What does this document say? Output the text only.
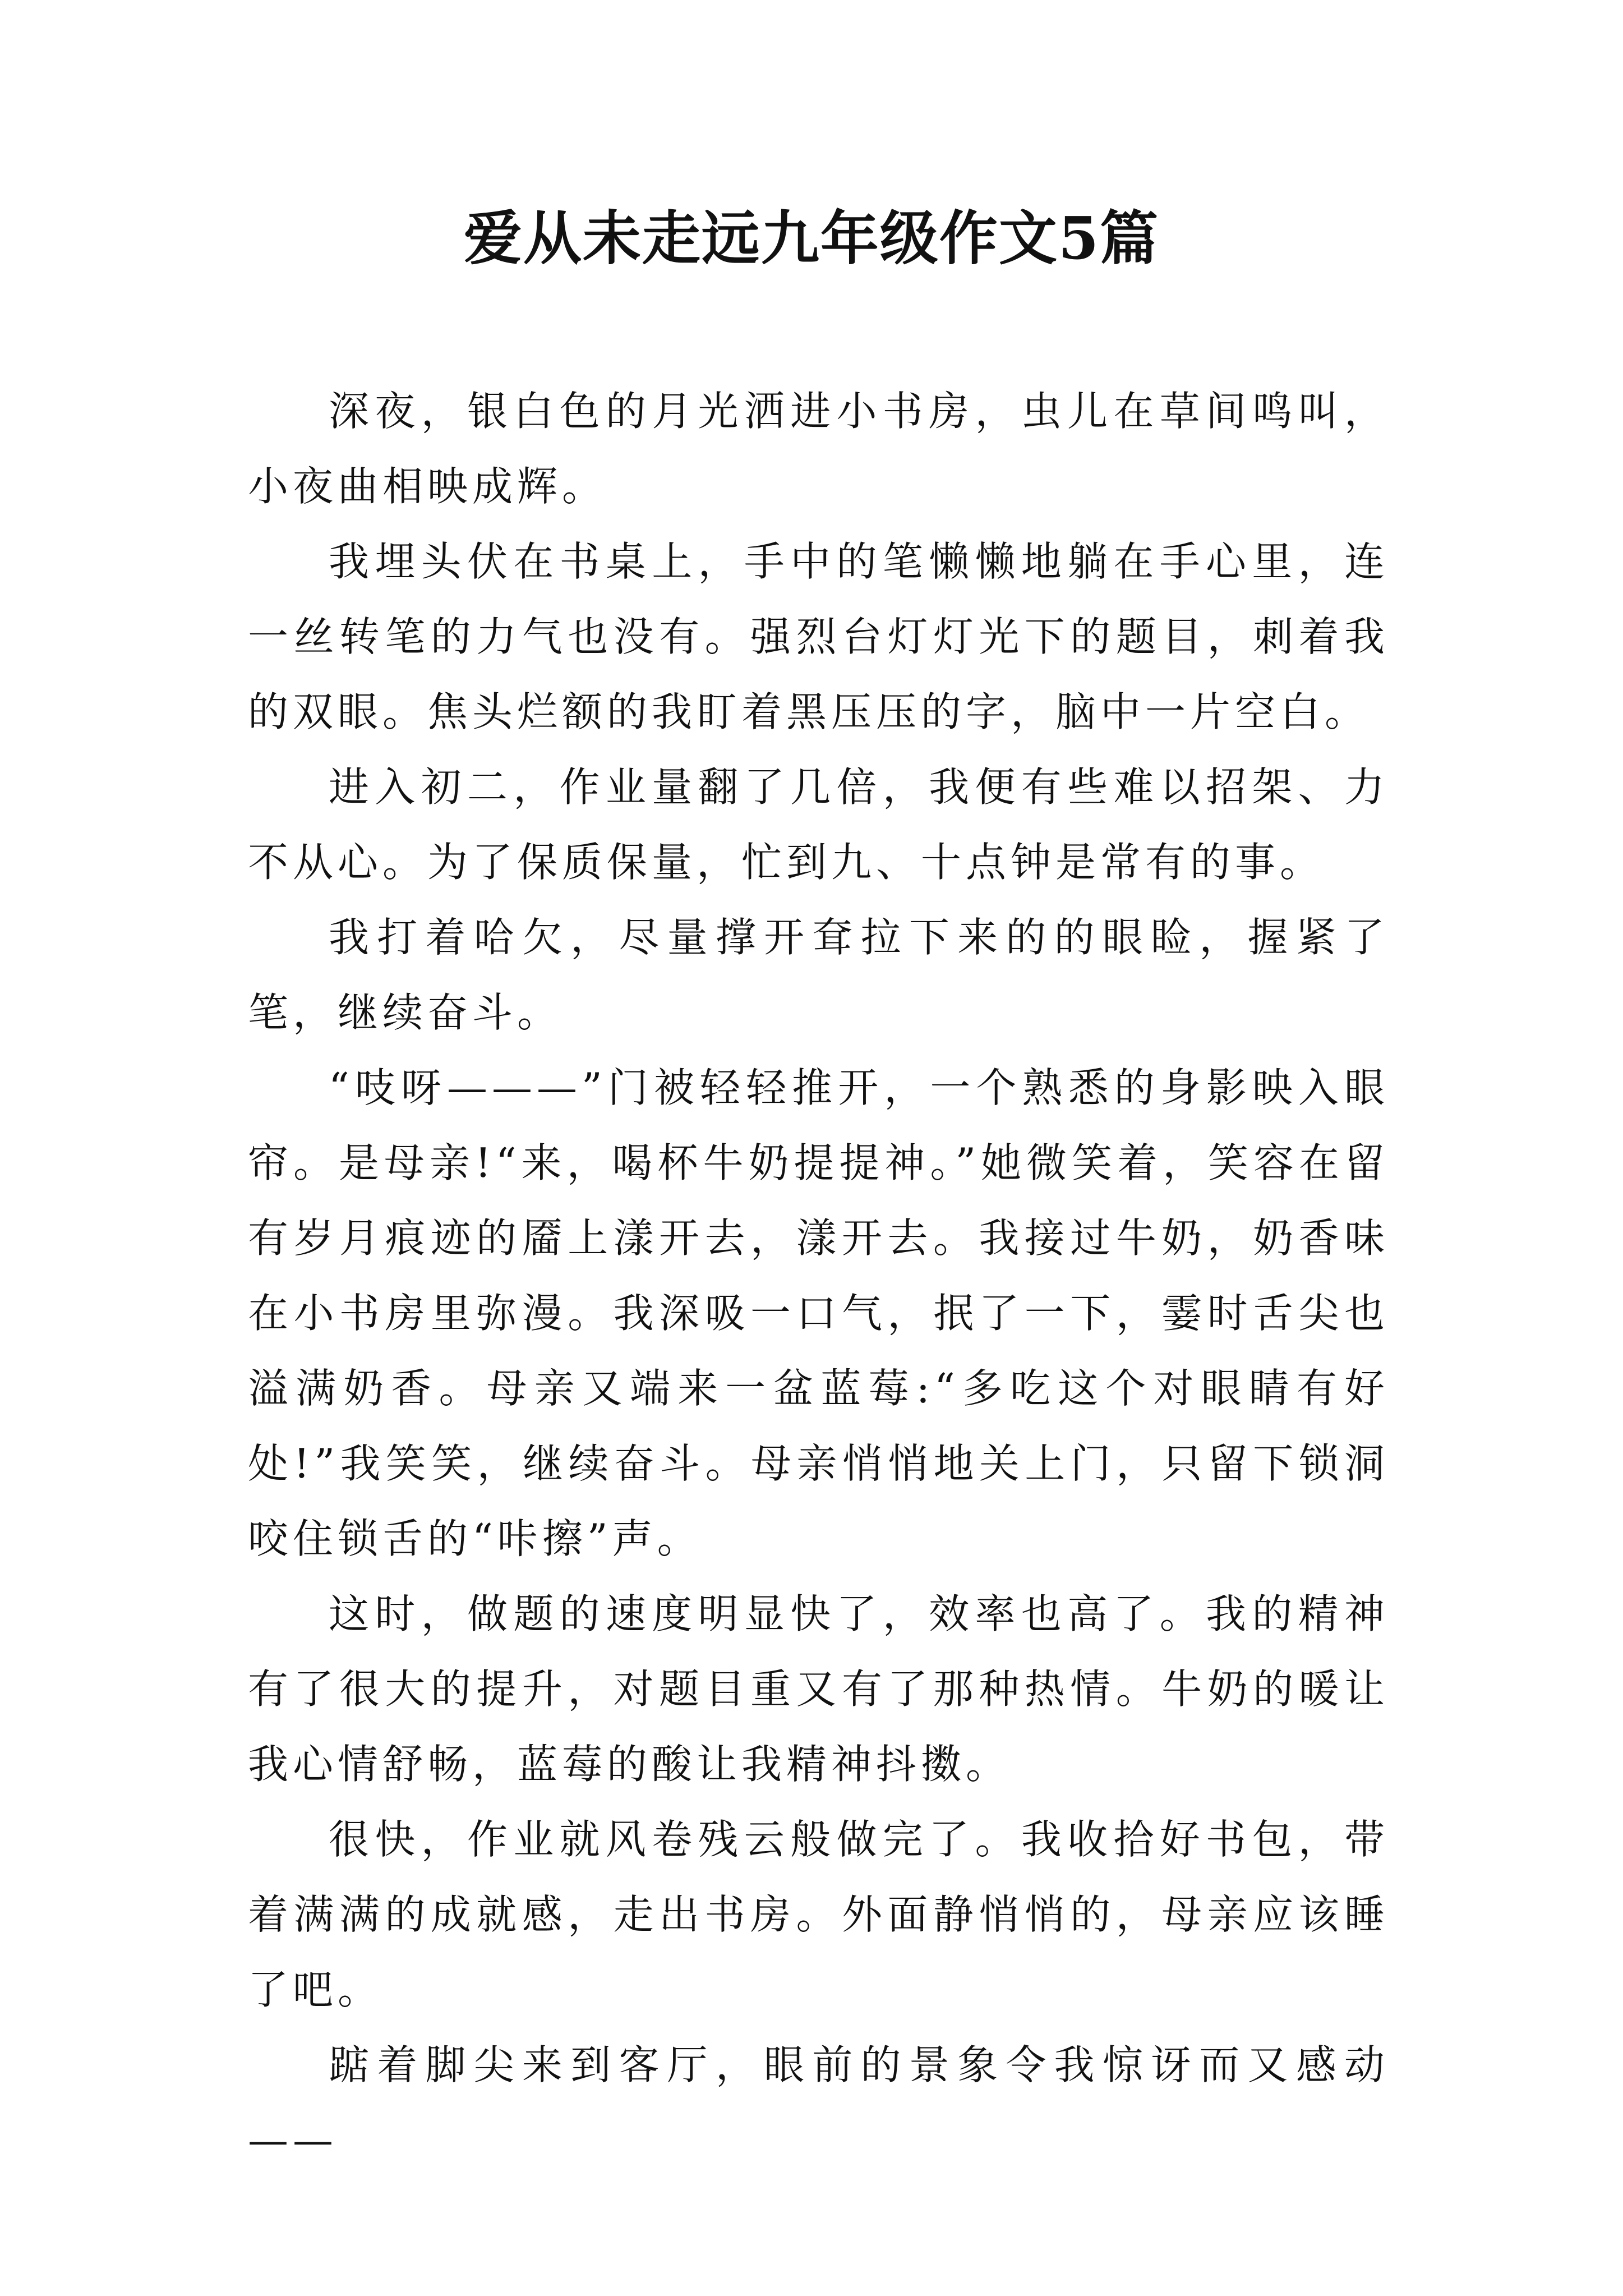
爱从未走远九年级作文5篇

深夜，银白色的月光洒进小书房，虫儿在草间鸣叫，小夜曲相映成辉。

我埋头伏在书桌上，手中的笔懒懒地躺在手心里，连一丝转笔的力气也没有。强烈台灯灯光下的题目，刺着我的双眼。焦头烂额的我盯着黑压压的字，脑中一片空白。

进入初二，作业量翻了几倍，我便有些难以招架、力不从心。为了保质保量，忙到九、十点钟是常有的事。

我打着哈欠，尽量撑开耷拉下来的的眼睑，握紧了笔，继续奋斗。

“吱呀———”门被轻轻推开，一个熟悉的身影映入眼帘。是母亲!“来，喝杯牛奶提提神。”她微笑着，笑容在留有岁月痕迹的靥上漾开去，漾开去。我接过牛奶，奶香味在小书房里弥漫。我深吸一口气，抿了一下，霎时舌尖也溢满奶香。母亲又端来一盆蓝莓:“多吃这个对眼睛有好处!”我笑笑，继续奋斗。母亲悄悄地关上门，只留下锁洞咬住锁舌的“咔擦”声。

这时，做题的速度明显快了，效率也高了。我的精神有了很大的提升，对题目重又有了那种热情。牛奶的暖让我心情舒畅，蓝莓的酸让我精神抖擞。

很快，作业就风卷残云般做完了。我收拾好书包，带着满满的成就感，走出书房。外面静悄悄的，母亲应该睡了吧。

踮着脚尖来到客厅，眼前的景象令我惊讶而又感动——
